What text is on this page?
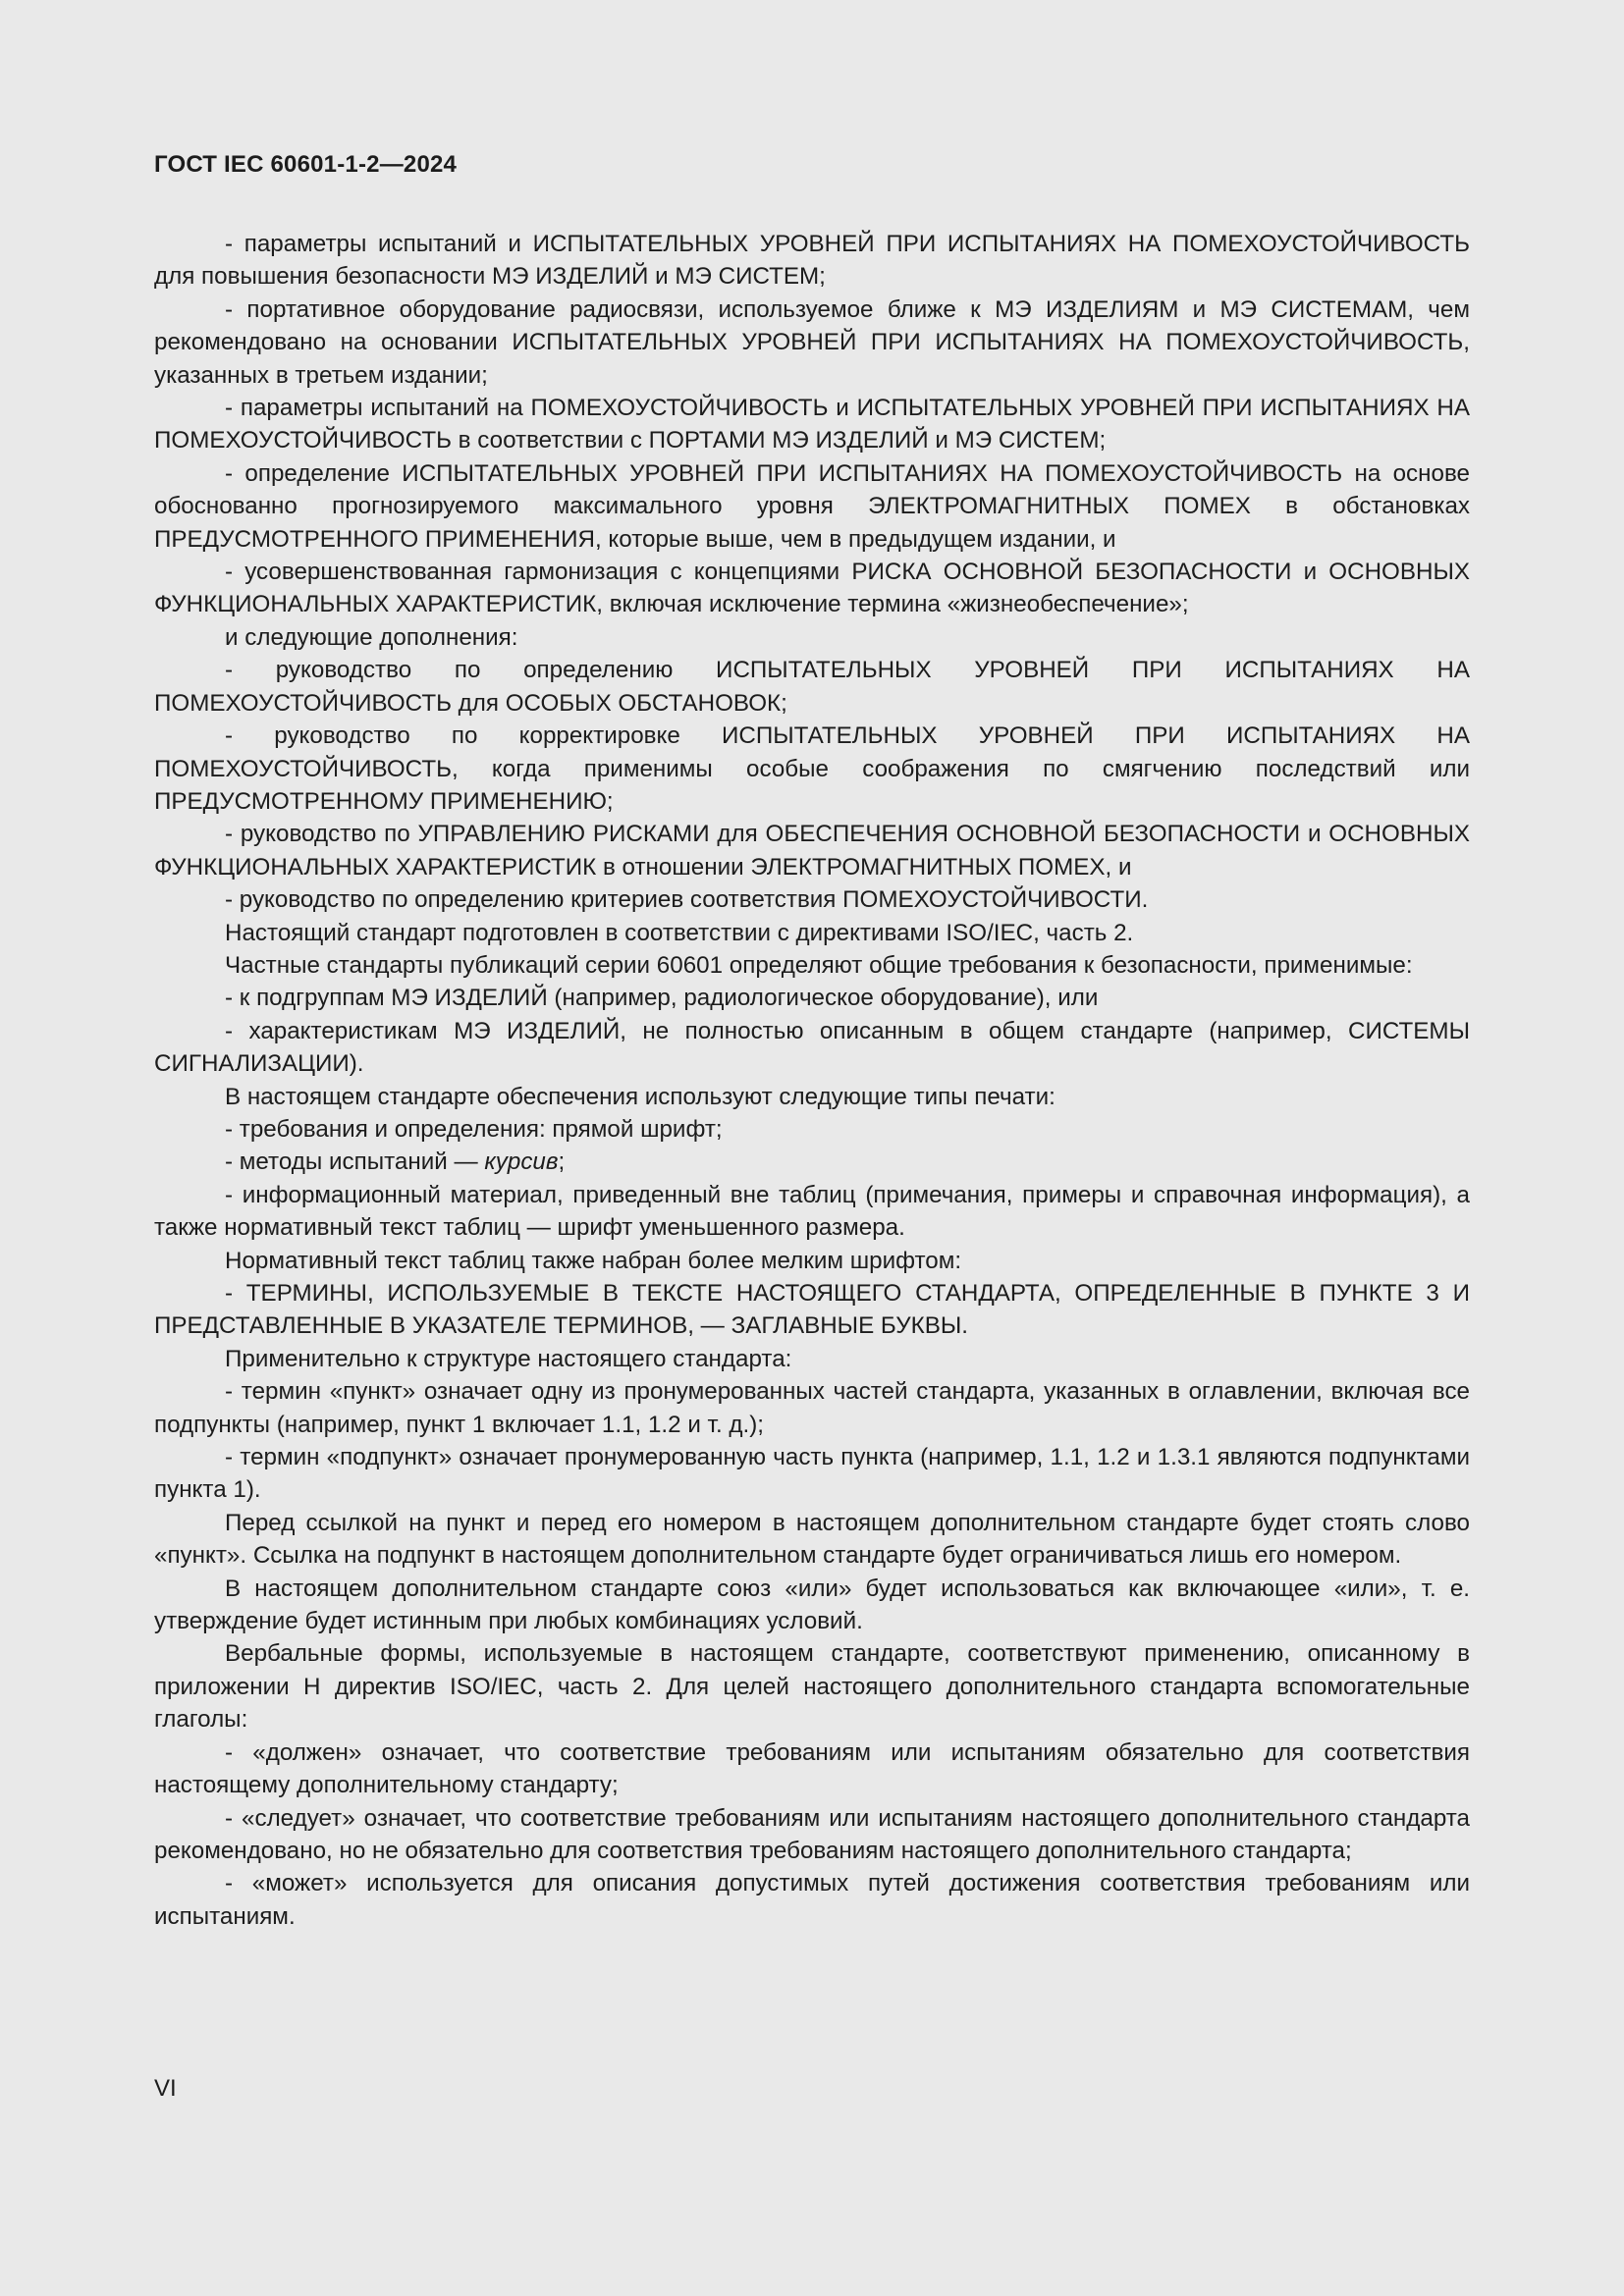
ГОСТ IEC 60601-1-2—2024

- параметры испытаний и ИСПЫТАТЕЛЬНЫХ УРОВНЕЙ ПРИ ИСПЫТАНИЯХ НА ПОМЕХОУСТОЙЧИВОСТЬ для повышения безопасности МЭ ИЗДЕЛИЙ и МЭ СИСТЕМ;

- портативное оборудование радиосвязи, используемое ближе к МЭ ИЗДЕЛИЯМ и МЭ СИСТЕМАМ, чем рекомендовано на основании ИСПЫТАТЕЛЬНЫХ УРОВНЕЙ ПРИ ИСПЫТАНИЯХ НА ПОМЕХОУСТОЙЧИВОСТЬ, указанных в третьем издании;

- параметры испытаний на ПОМЕХОУСТОЙЧИВОСТЬ и ИСПЫТАТЕЛЬНЫХ УРОВНЕЙ ПРИ ИСПЫТАНИЯХ НА ПОМЕХОУСТОЙЧИВОСТЬ в соответствии с ПОРТАМИ МЭ ИЗДЕЛИЙ и МЭ СИСТЕМ;

- определение ИСПЫТАТЕЛЬНЫХ УРОВНЕЙ ПРИ ИСПЫТАНИЯХ НА ПОМЕХОУСТОЙЧИВОСТЬ на основе обоснованно прогнозируемого максимального уровня ЭЛЕКТРОМАГНИТНЫХ ПОМЕХ в обстановках ПРЕДУСМОТРЕННОГО ПРИМЕНЕНИЯ, которые выше, чем в предыдущем издании, и

- усовершенствованная гармонизация с концепциями РИСКА ОСНОВНОЙ БЕЗОПАСНОСТИ и ОСНОВНЫХ ФУНКЦИОНАЛЬНЫХ ХАРАКТЕРИСТИК, включая исключение термина «жизнеобеспечение»;

и следующие дополнения:

- руководство по определению ИСПЫТАТЕЛЬНЫХ УРОВНЕЙ ПРИ ИСПЫТАНИЯХ НА ПОМЕХОУСТОЙЧИВОСТЬ для ОСОБЫХ ОБСТАНОВОК;

- руководство по корректировке ИСПЫТАТЕЛЬНЫХ УРОВНЕЙ ПРИ ИСПЫТАНИЯХ НА ПОМЕХОУСТОЙЧИВОСТЬ, когда применимы особые соображения по смягчению последствий или ПРЕДУСМОТРЕННОМУ ПРИМЕНЕНИЮ;

- руководство по УПРАВЛЕНИЮ РИСКАМИ для ОБЕСПЕЧЕНИЯ ОСНОВНОЙ БЕЗОПАСНОСТИ и ОСНОВНЫХ ФУНКЦИОНАЛЬНЫХ ХАРАКТЕРИСТИК в отношении ЭЛЕКТРОМАГНИТНЫХ ПОМЕХ, и

- руководство по определению критериев соответствия ПОМЕХОУСТОЙЧИВОСТИ.

Настоящий стандарт подготовлен в соответствии с директивами ISO/IEC, часть 2.

Частные стандарты публикаций серии 60601 определяют общие требования к безопасности, применимые:

- к подгруппам МЭ ИЗДЕЛИЙ (например, радиологическое оборудование), или

- характеристикам МЭ ИЗДЕЛИЙ, не полностью описанным в общем стандарте (например, СИСТЕМЫ СИГНАЛИЗАЦИИ).

В настоящем стандарте обеспечения используют следующие типы печати:

- требования и определения: прямой шрифт;

- методы испытаний — курсив;

- информационный материал, приведенный вне таблиц (примечания, примеры и справочная информация), а также нормативный текст таблиц — шрифт уменьшенного размера.

Нормативный текст таблиц также набран более мелким шрифтом:

- ТЕРМИНЫ, ИСПОЛЬЗУЕМЫЕ В ТЕКСТЕ НАСТОЯЩЕГО СТАНДАРТА, ОПРЕДЕЛЕННЫЕ В ПУНКТЕ 3 И ПРЕДСТАВЛЕННЫЕ В УКАЗАТЕЛЕ ТЕРМИНОВ, — ЗАГЛАВНЫЕ БУКВЫ.

Применительно к структуре настоящего стандарта:

- термин «пункт» означает одну из пронумерованных частей стандарта, указанных в оглавлении, включая все подпункты (например, пункт 1 включает 1.1, 1.2 и т. д.);

- термин «подпункт» означает пронумерованную часть пункта (например, 1.1, 1.2 и 1.3.1 являются подпунктами пункта 1).

Перед ссылкой на пункт и перед его номером в настоящем дополнительном стандарте будет стоять слово «пункт». Ссылка на подпункт в настоящем дополнительном стандарте будет ограничиваться лишь его номером.

В настоящем дополнительном стандарте союз «или» будет использоваться как включающее «или», т. е. утверждение будет истинным при любых комбинациях условий.

Вербальные формы, используемые в настоящем стандарте, соответствуют применению, описанному в приложении Н директив ISO/IEC, часть 2. Для целей настоящего дополнительного стандарта вспомогательные глаголы:

- «должен» означает, что соответствие требованиям или испытаниям обязательно для соответствия настоящему дополнительному стандарту;

- «следует» означает, что соответствие требованиям или испытаниям настоящего дополнительного стандарта рекомендовано, но не обязательно для соответствия требованиям настоящего дополнительного стандарта;

- «может» используется для описания допустимых путей достижения соответствия требованиям или испытаниям.

VI
